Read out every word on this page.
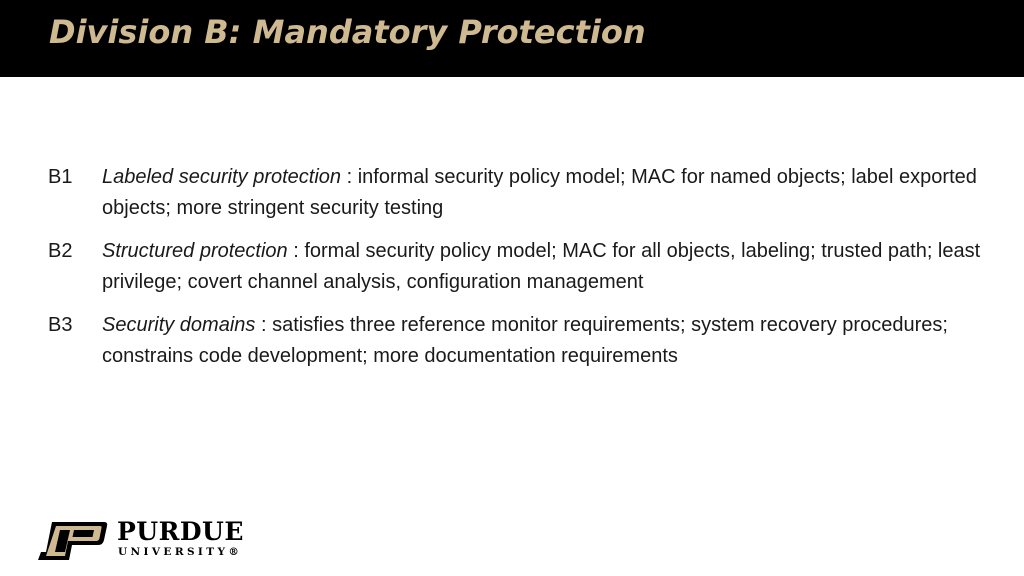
Division B: Mandatory Protection
B1 Labeled security protection : informal security policy model; MAC for named objects; label exported objects; more stringent security testing
B2 Structured protection : formal security policy model; MAC for all objects, labeling; trusted path; least privilege; covert channel analysis, configuration management
B3 Security domains : satisfies three reference monitor requirements; system recovery procedures; constrains code development; more documentation requirements
PURDUE
UNIVERSITY®
